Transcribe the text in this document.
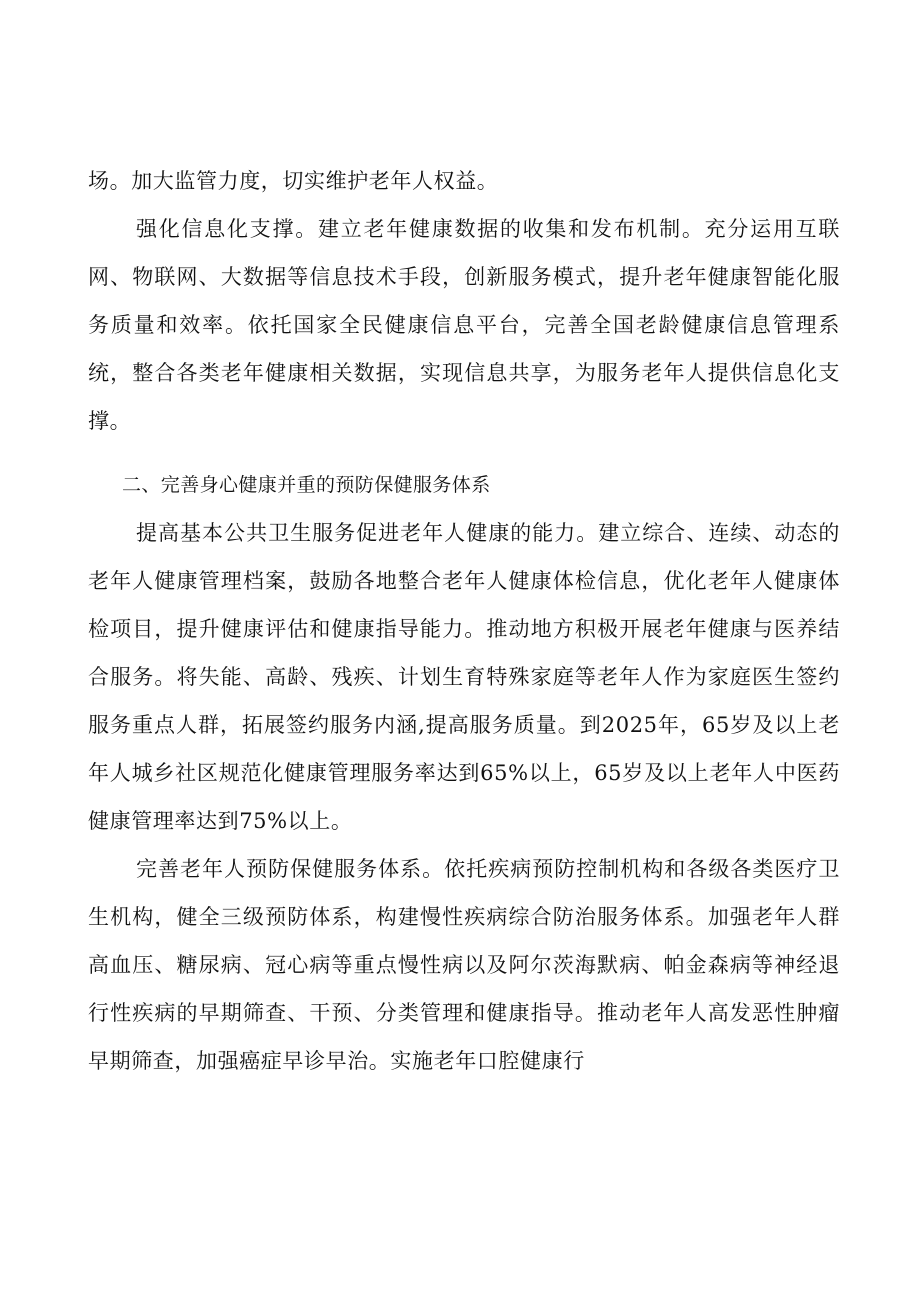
场。加大监管力度，切实维护老年人权益。

强化信息化支撑。建立老年健康数据的收集和发布机制。充分运用互联网、物联网、大数据等信息技术手段，创新服务模式，提升老年健康智能化服务质量和效率。依托国家全民健康信息平台，完善全国老龄健康信息管理系统，整合各类老年健康相关数据，实现信息共享，为服务老年人提供信息化支撑。

二、完善身心健康并重的预防保健服务体系

提高基本公共卫生服务促进老年人健康的能力。建立综合、连续、动态的老年人健康管理档案，鼓励各地整合老年人健康体检信息，优化老年人健康体检项目，提升健康评估和健康指导能力。推动地方积极开展老年健康与医养结合服务。将失能、高龄、残疾、计划生育特殊家庭等老年人作为家庭医生签约服务重点人群，拓展签约服务内涵,提高服务质量。到2025年，65岁及以上老年人城乡社区规范化健康管理服务率达到65%以上，65岁及以上老年人中医药健康管理率达到75%以上。

完善老年人预防保健服务体系。依托疾病预防控制机构和各级各类医疗卫生机构，健全三级预防体系，构建慢性疾病综合防治服务体系。加强老年人群高血压、糖尿病、冠心病等重点慢性病以及阿尔茨海默病、帕金森病等神经退行性疾病的早期筛查、干预、分类管理和健康指导。推动老年人高发恶性肿瘤早期筛查，加强癌症早诊早治。实施老年口腔健康行
